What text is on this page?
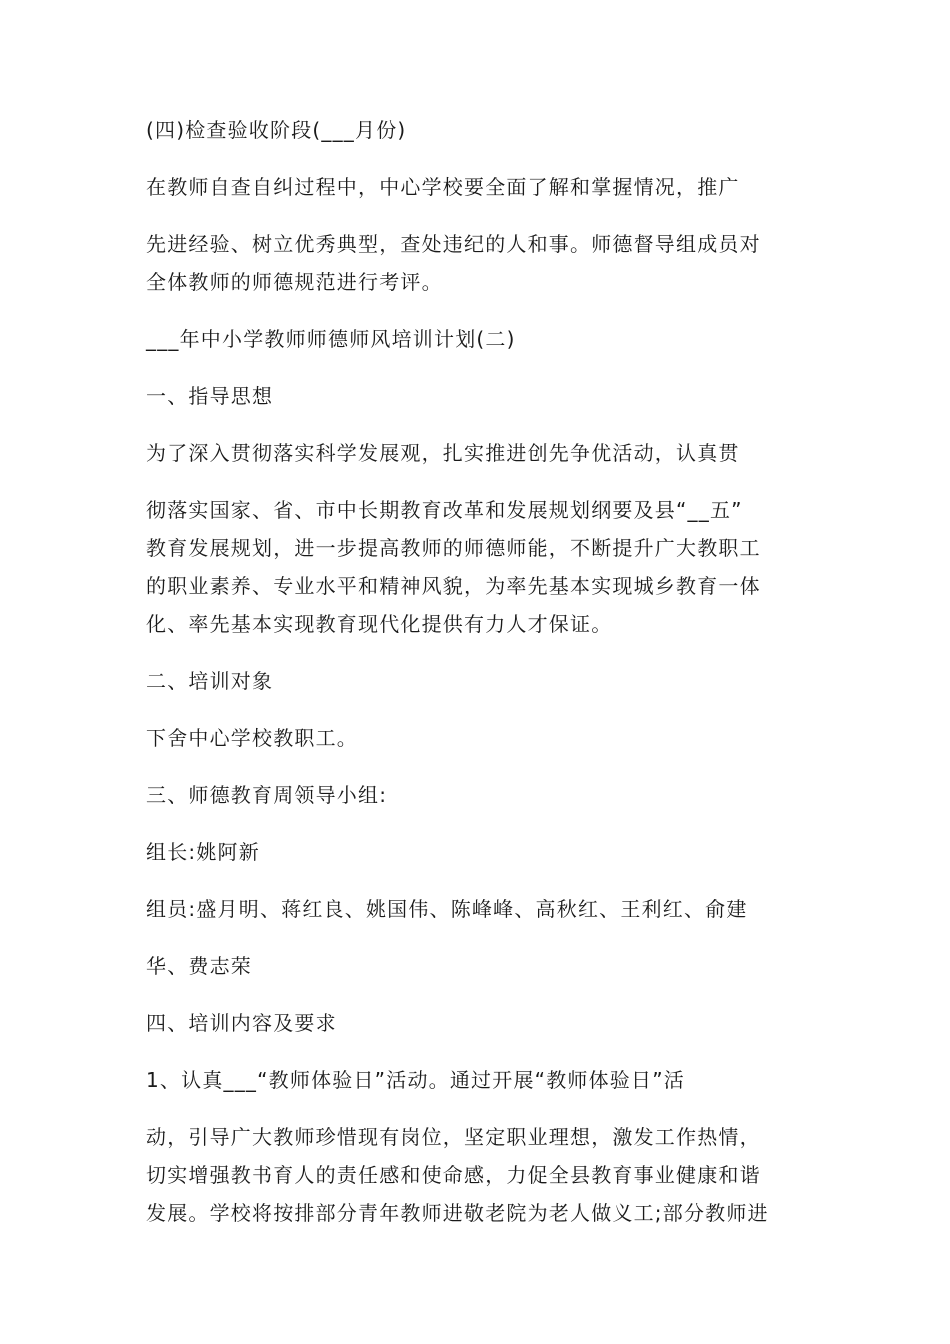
(四)检查验收阶段(___月份)
在教师自查自纠过程中，中心学校要全面了解和掌握情况，推广
先进经验、树立优秀典型，查处违纪的人和事。师德督导组成员对
全体教师的师德规范进行考评。
___年中小学教师师德师风培训计划(二)
一、指导思想
为了深入贯彻落实科学发展观，扎实推进创先争优活动，认真贯
彻落实国家、省、市中长期教育改革和发展规划纲要及县“__五”
教育发展规划，进一步提高教师的师德师能，不断提升广大教职工
的职业素养、专业水平和精神风貌，为率先基本实现城乡教育一体
化、率先基本实现教育现代化提供有力人才保证。
二、培训对象
下舍中心学校教职工。
三、师德教育周领导小组:
组长:姚阿新
组员:盛月明、蒋红良、姚国伟、陈峰峰、高秋红、王利红、俞建
华、费志荣
四、培训内容及要求
1、认真___“教师体验日”活动。通过开展“教师体验日”活
动，引导广大教师珍惜现有岗位，坚定职业理想，激发工作热情，
切实增强教书育人的责任感和使命感，力促全县教育事业健康和谐
发展。学校将按排部分青年教师进敬老院为老人做义工;部分教师进
